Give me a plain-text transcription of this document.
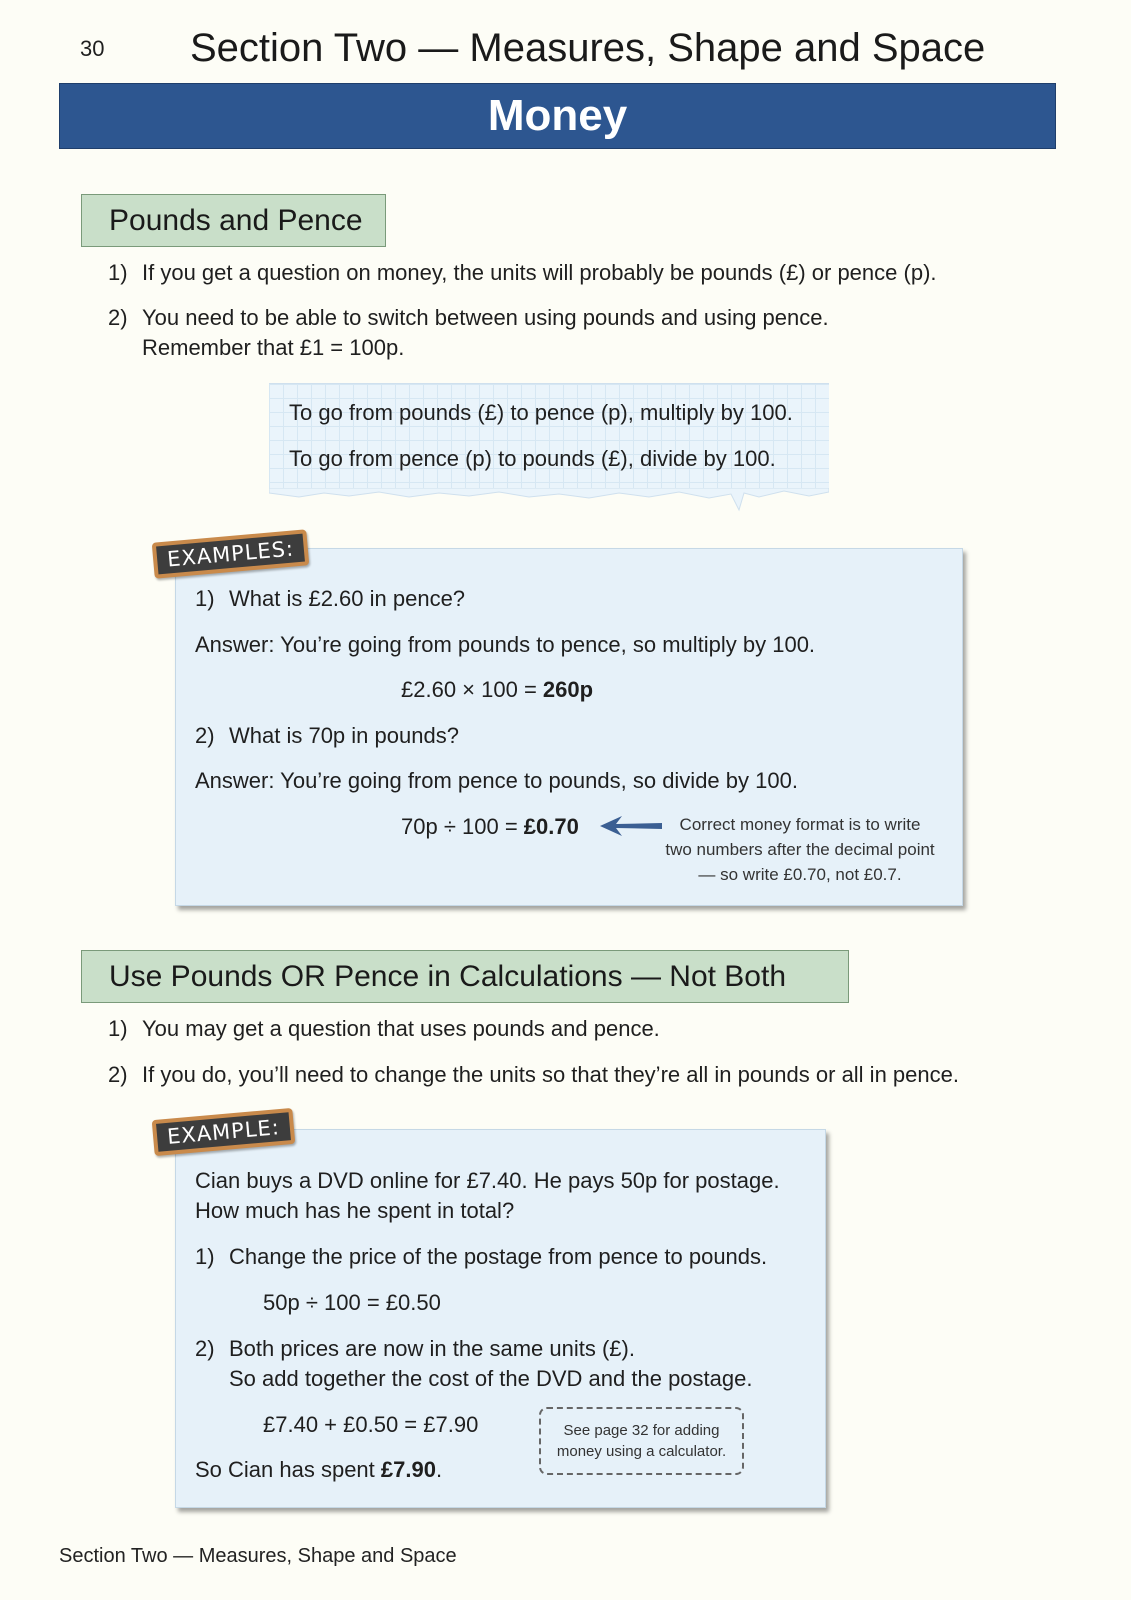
30 Section Two — Measures, Shape and Space
Money
Pounds and Pence
1) If you get a question on money, the units will probably be pounds (£) or pence (p).
2) You need to be able to switch between using pounds and using pence.
Remember that £1 = 100p.
To go from pounds (£) to pence (p), multiply by 100.
To go from pence (p) to pounds (£), divide by 100.
EXAMPLES:
1) What is £2.60 in pence?
Answer: You’re going from pounds to pence, so multiply by 100.
£2.60 × 100 = 260p
2) What is 70p in pounds?
Answer: You’re going from pence to pounds, so divide by 100.
70p ÷ 100 = £0.70	Correct money format is to write
two numbers after the decimal point
— so write £0.70, not £0.7.
Use Pounds OR Pence in Calculations — Not Both
1) You may get a question that uses pounds and pence.
2) If you do, you’ll need to change the units so that they’re all in pounds or all in pence.
EXAMPLE:
Cian buys a DVD online for £7.40. He pays 50p for postage.
How much has he spent in total?
1) Change the price of the postage from pence to pounds.
50p ÷ 100 = £0.50
2) Both prices are now in the same units (£).
So add together the cost of the DVD and the postage.
£7.40 + £0.50 = £7.90
So Cian has spent £7.90.
See page 32 for adding
money using a calculator.
Section Two — Measures, Shape and Space
